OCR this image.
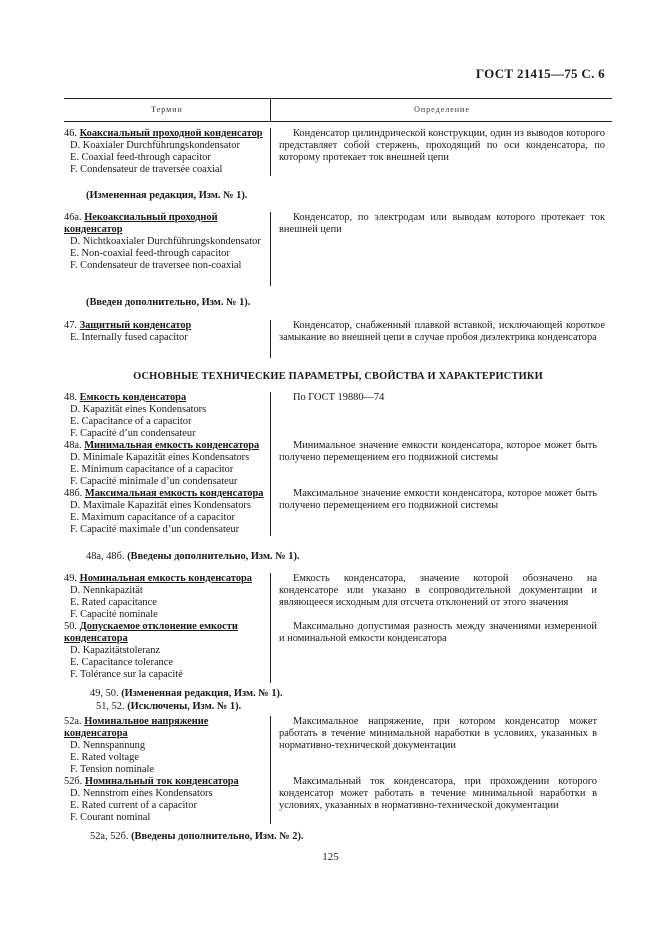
ГОСТ 21415—75 С. 6
Термин	Определение
46. Коаксиальный проходной конденсатор
D. Koaxialer Durchführungskondensator
E. Coaxial feed-through capacitor
F. Condensateur de traversée coaxial
Конденсатор цилиндрической конструкции, один из выводов которого представляет собой стержень, проходящий по оси конденсатора, по которому протекает ток внешней цепи
(Измененная редакция, Изм. № 1).
46а. Некоаксиальный проходной конденсатор
D. Nichtkoaxialer Durchführungskondensator
E. Non-coaxial feed-through capacitor
F. Condensateur de traversee non-coaxial
Конденсатор, по электродам или выводам которого протекает ток внешней цепи
(Введен дополнительно, Изм. № 1).
47. Защитный конденсатор
E. Internally fused capacitor
Конденсатор, снабженный плавкой вставкой, исключающей короткое замыкание во внешней цепи в случае пробоя диэлектрика конденсатора
ОСНОВНЫЕ ТЕХНИЧЕСКИЕ ПАРАМЕТРЫ, СВОЙСТВА И ХАРАКТЕРИСТИКИ
48. Емкость конденсатора
D. Kapazität eines Kondensators
E. Capacitance of a capacitor
F. Capacité d’un condensateur
48а. Минимальная емкость конденсатора
D. Minimale Kapazität eines Kondensators
E. Minimum capacitance of a capacitor
F. Capacité minimale d’un condensateur
48б. Максимальная емкость конденсатора
D. Maximale Kapazität eines Kondensators
E. Maximum capacitance of a capacitor
F. Capacité maximale d’un condensateur
По ГОСТ 19880—74
Минимальное значение емкости конденсатора, которое может быть получено перемещением его подвижной системы
Максимальное значение емкости конденсатора, которое может быть получено перемещением его подвижной системы
48а, 48б. (Введены дополнительно, Изм. № 1).
49. Номинальная емкость конденсатора
D. Nennkapazität
E. Rated capacitance
F. Capacité nominale
50. Допускаемое отклонение емкости конденсатора
D. Kapazitätstoleranz
E. Capacitance tolerance
F. Tolérance sur la capacité
Емкость конденсатора, значение которой обозначено на конденсаторе или указано в сопроводительной документации и являющееся исходным для отсчета отклонений от этого значения
Максимально допустимая разность между значениями измеренной и номинальной емкости конденсатора
49, 50. (Измененная редакция, Изм. № 1).
51, 52. (Исключены, Изм. № 1).
52а. Номинальное напряжение конденсатора
D. Nennspannung
E. Rated voltage
F. Tension nominale
52б. Номинальный ток конденсатора
D. Nennstrom eines Kondensators
E. Rated current of a capacitor
F. Courant nominal
Максимальное напряжение, при котором конденсатор может работать в течение минимальной наработки в условиях, указанных в нормативно-технической документации
Максимальный ток конденсатора, при прохождении которого конденсатор может работать в течение минимальной наработки в условиях, указанных в нормативно-технической документации
52а, 52б. (Введены дополнительно, Изм. № 2).
125
